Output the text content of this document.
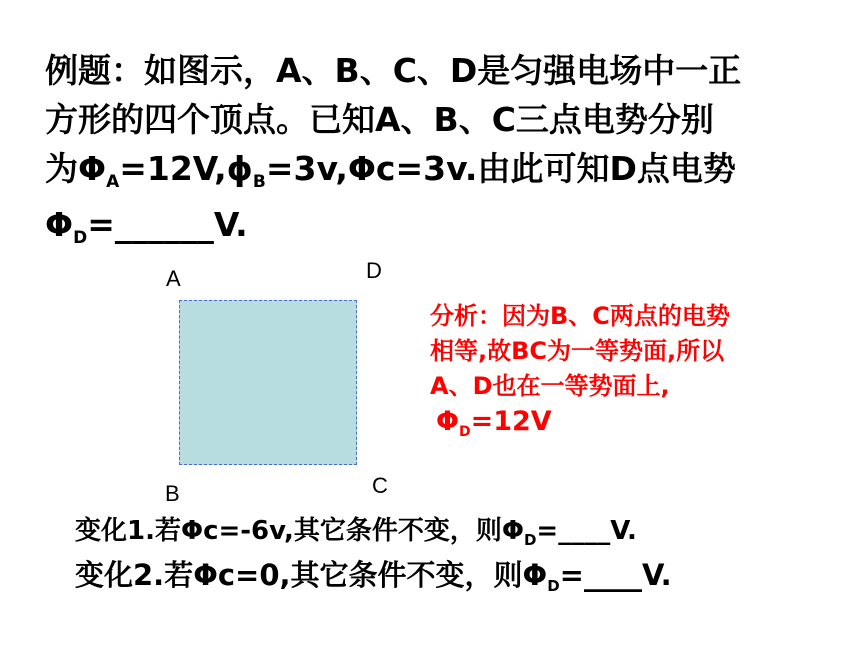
例题：如图示，A、B、C、D是匀强电场中一正

方形的四个顶点。已知A、B、C三点电势分别

为$\Phi_A=12V,\phi_B=3v,\Phi c=3v$.由此可知D点电势

$\Phi_D=\_\_\_\_\_\_V$.

A	D
B	C

分析：因为B、C两点的电势

相等,故BC为一等势面,所以

A、D也在一等势面上,

$\Phi_D=12V$

变化1.若Φc=-6v,其它条件不变，则$\Phi_D=\_\_\_\_V$.
变化2.若Φc=0,其它条件不变，则$\Phi_D=\_\_\_\_V$.
